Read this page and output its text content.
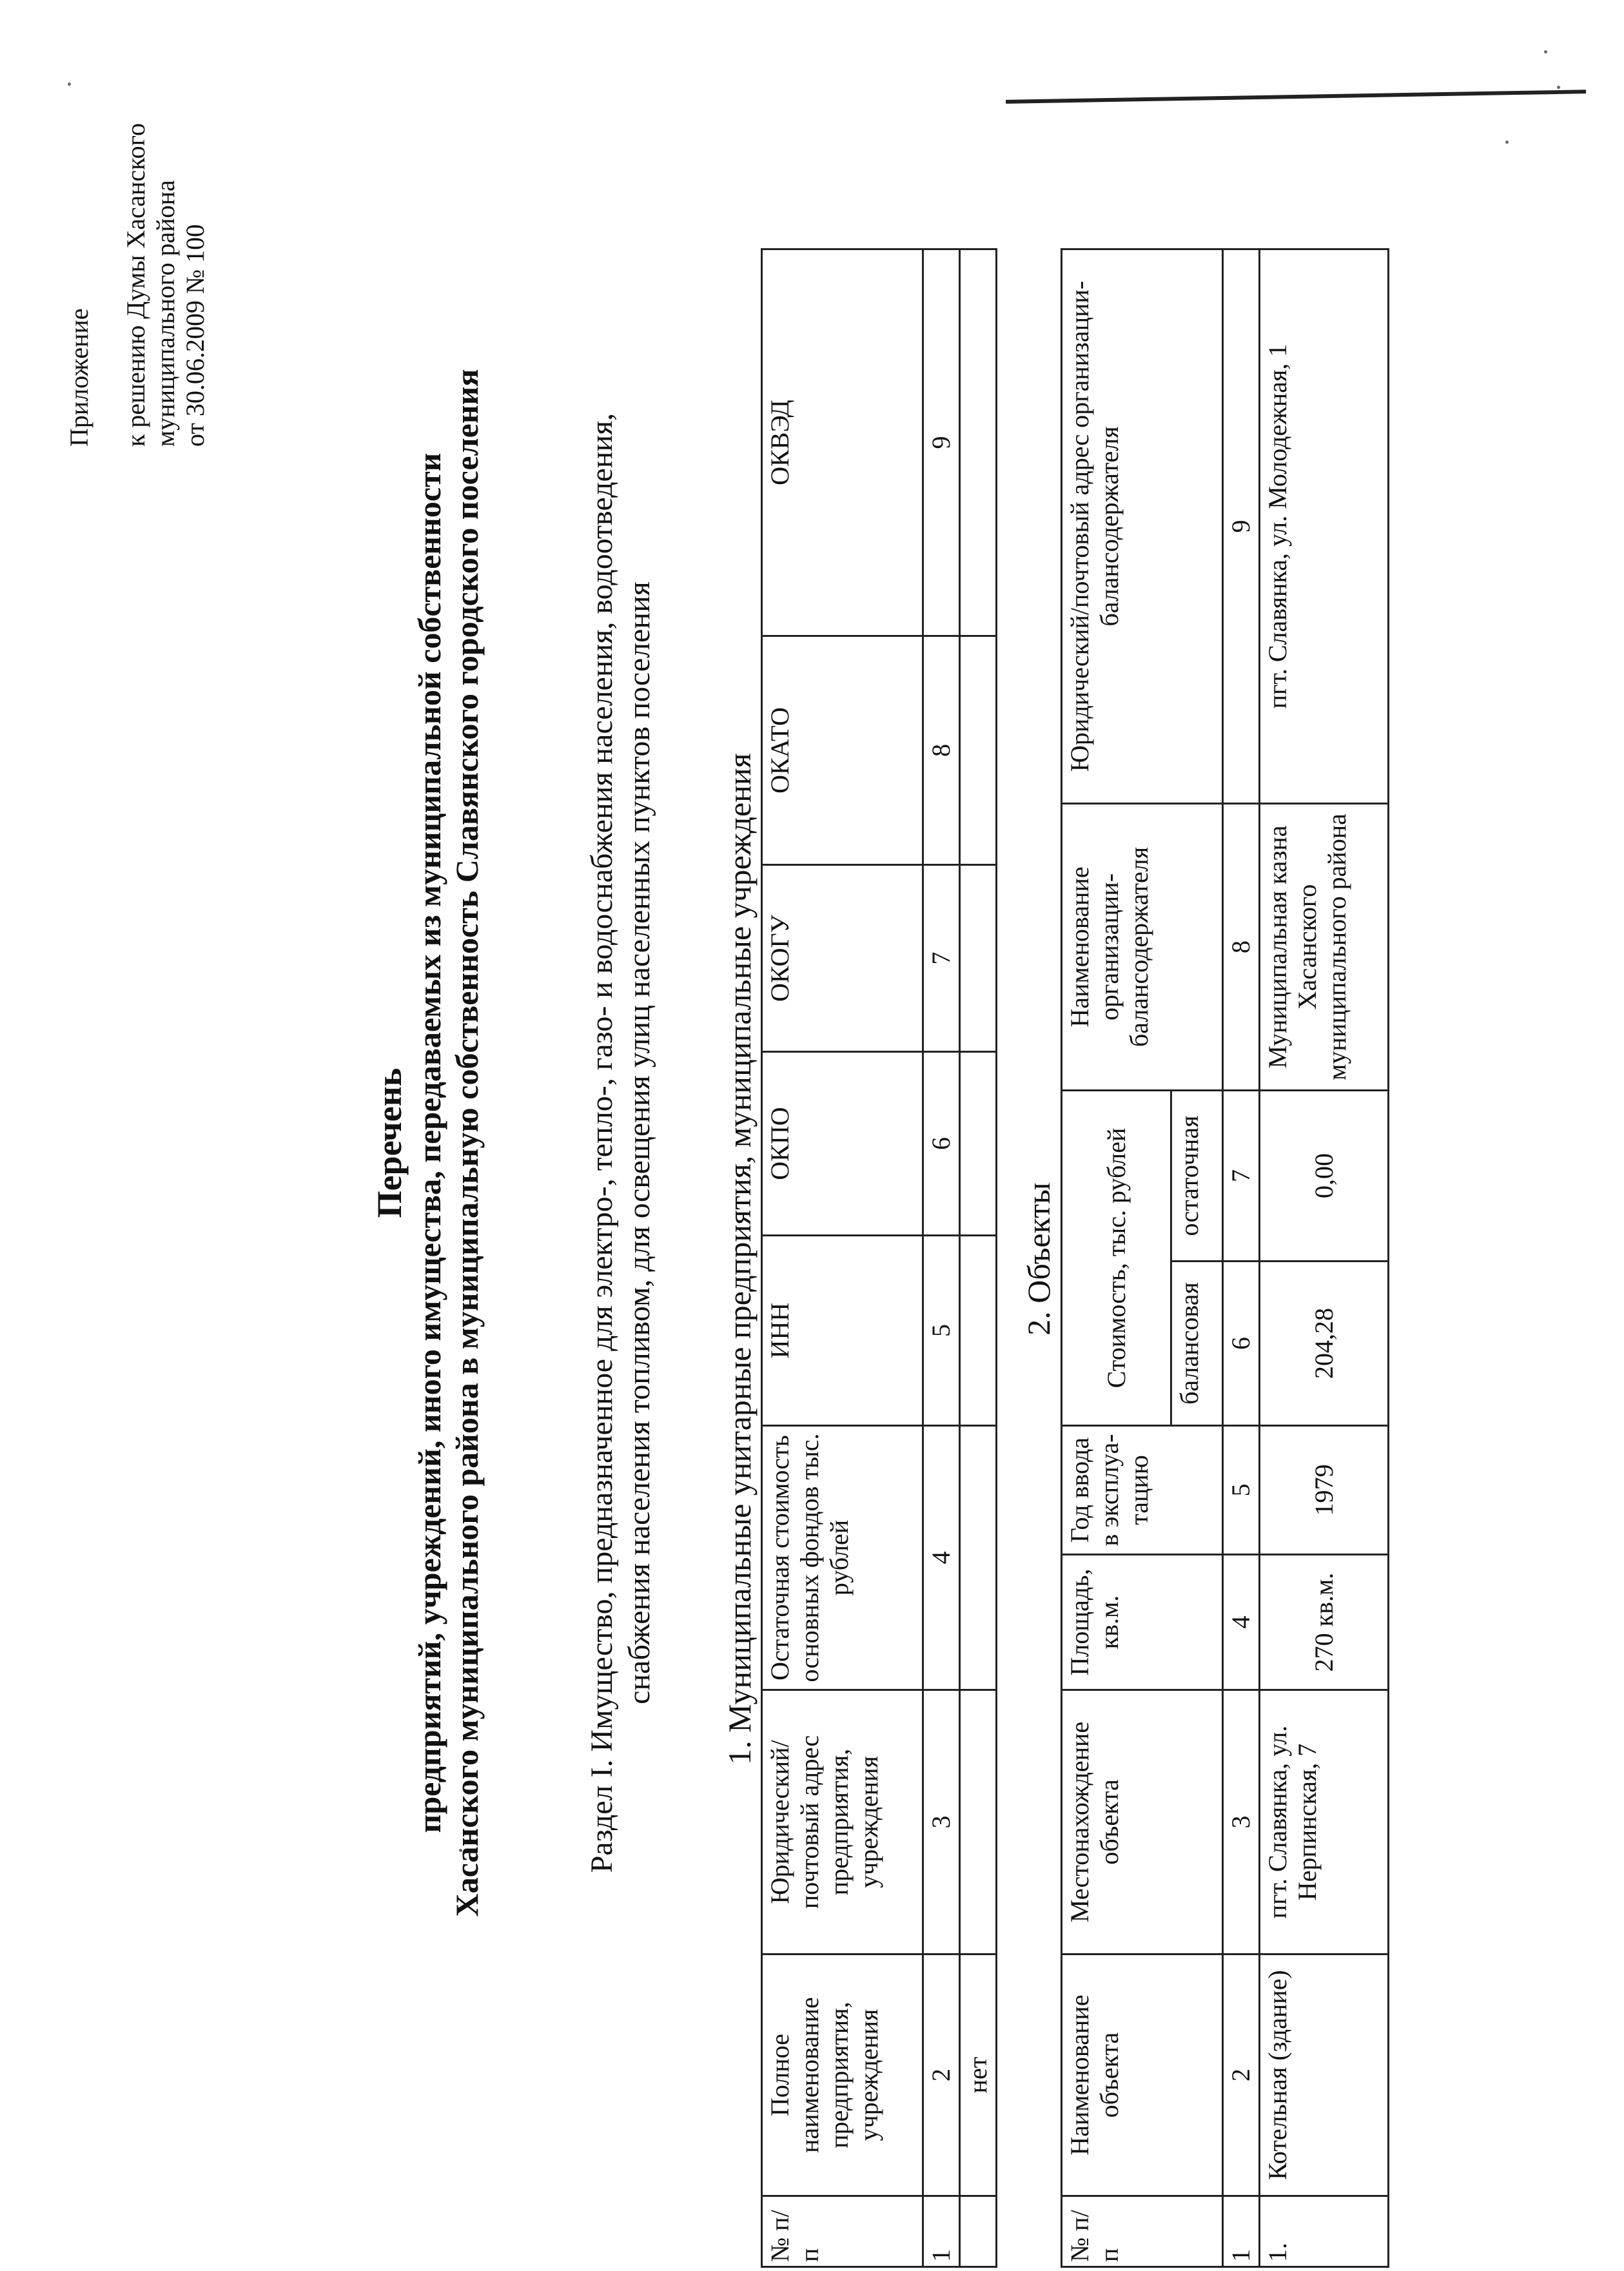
Приложение к решению Думы Хасанского муниципального района от 30.06.2009 № 100
Перечень предприятий, учреждений, иного имущества, передаваемых из муниципальной собственности Хасанского муниципального района в муниципальную собственность Славянского городского поселения	Раздел I. Имущество, предназначенное для электро-, тепло-, газо- и водоснабжения населения, водоотведения, снабжения населения топливом, для освещения улиц населенных пунктов поселения 1. Муниципальные унитарные предприятия, муниципальные учреждения
№ п/п	Полное наименование предприятия, учреждения	Юридический/почтовый адрес предприятия, учреждения	Остаточная стоимость основных фондов тыс. рублей	ИНН	ОКПО	ОКОГУ	ОКАТО	ОКВЭД
1	2	3	4	5	6	7	8	9
	нет							
2. Объекты
№ п/п	Наименование объекта	Местонахождение объекта	Площадь, кв.м.	Год ввода в эксплуа-тацию	Стоимость, тыс. рублей		Наименование организации-балансодержателя	Юридический/почтовый адрес организации-балансодержателя
					балансовая	остаточная		
1	2	3	4	5	6	7	8	9
1.	Котельная (здание)	пгт. Славянка, ул. Нерпинская, 7	270 кв.м.	1979	204,28	0,00	Муниципальная казна Хасанского муниципального района	пгт. Славянка, ул. Молодежная, 1
